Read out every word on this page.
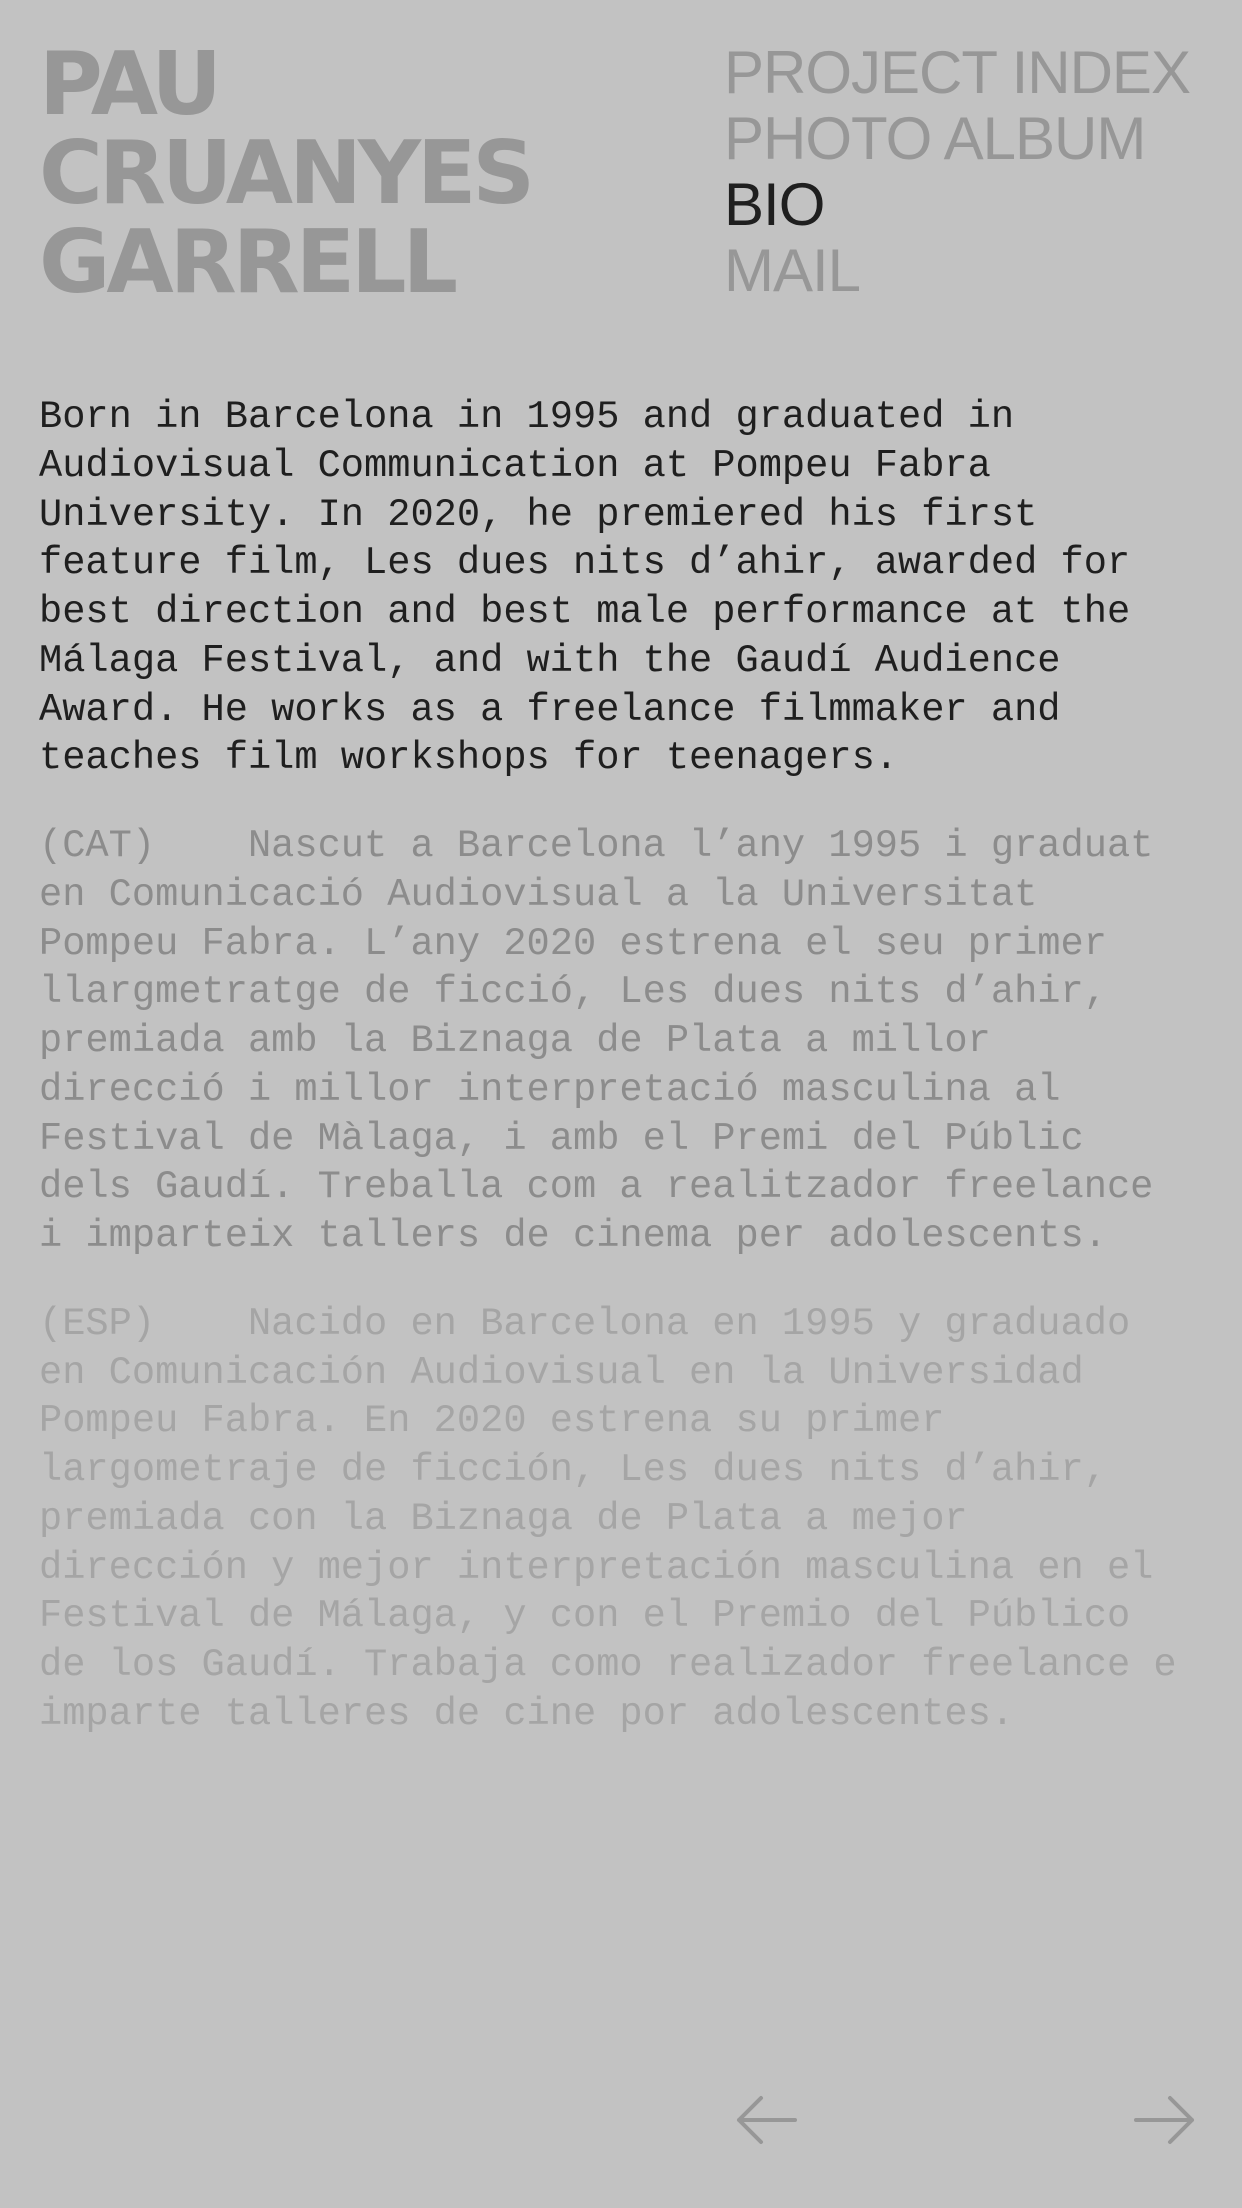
PAU
CRUANYES
GARRELL
PROJECT INDEX
PHOTO ALBUM
BIO
MAIL

Born in Barcelona in 1995 and graduated in
Audiovisual Communication at Pompeu Fabra
University. In 2020, he premiered his first
feature film, Les dues nits d’ahir, awarded for
best direction and best male performance at the
Málaga Festival, and with the Gaudí Audience
Award. He works as a freelance filmmaker and
teaches film workshops for teenagers.

(CAT)    Nascut a Barcelona l’any 1995 i graduat
en Comunicació Audiovisual a la Universitat
Pompeu Fabra. L’any 2020 estrena el seu primer
llargmetratge de ficció, Les dues nits d’ahir,
premiada amb la Biznaga de Plata a millor
direcció i millor interpretació masculina al
Festival de Màlaga, i amb el Premi del Públic
dels Gaudí. Treballa com a realitzador freelance
i imparteix tallers de cinema per adolescents.

(ESP)    Nacido en Barcelona en 1995 y graduado
en Comunicación Audiovisual en la Universidad
Pompeu Fabra. En 2020 estrena su primer
largometraje de ficción, Les dues nits d’ahir,
premiada con la Biznaga de Plata a mejor
dirección y mejor interpretación masculina en el
Festival de Málaga, y con el Premio del Público
de los Gaudí. Trabaja como realizador freelance e
imparte talleres de cine por adolescentes.
